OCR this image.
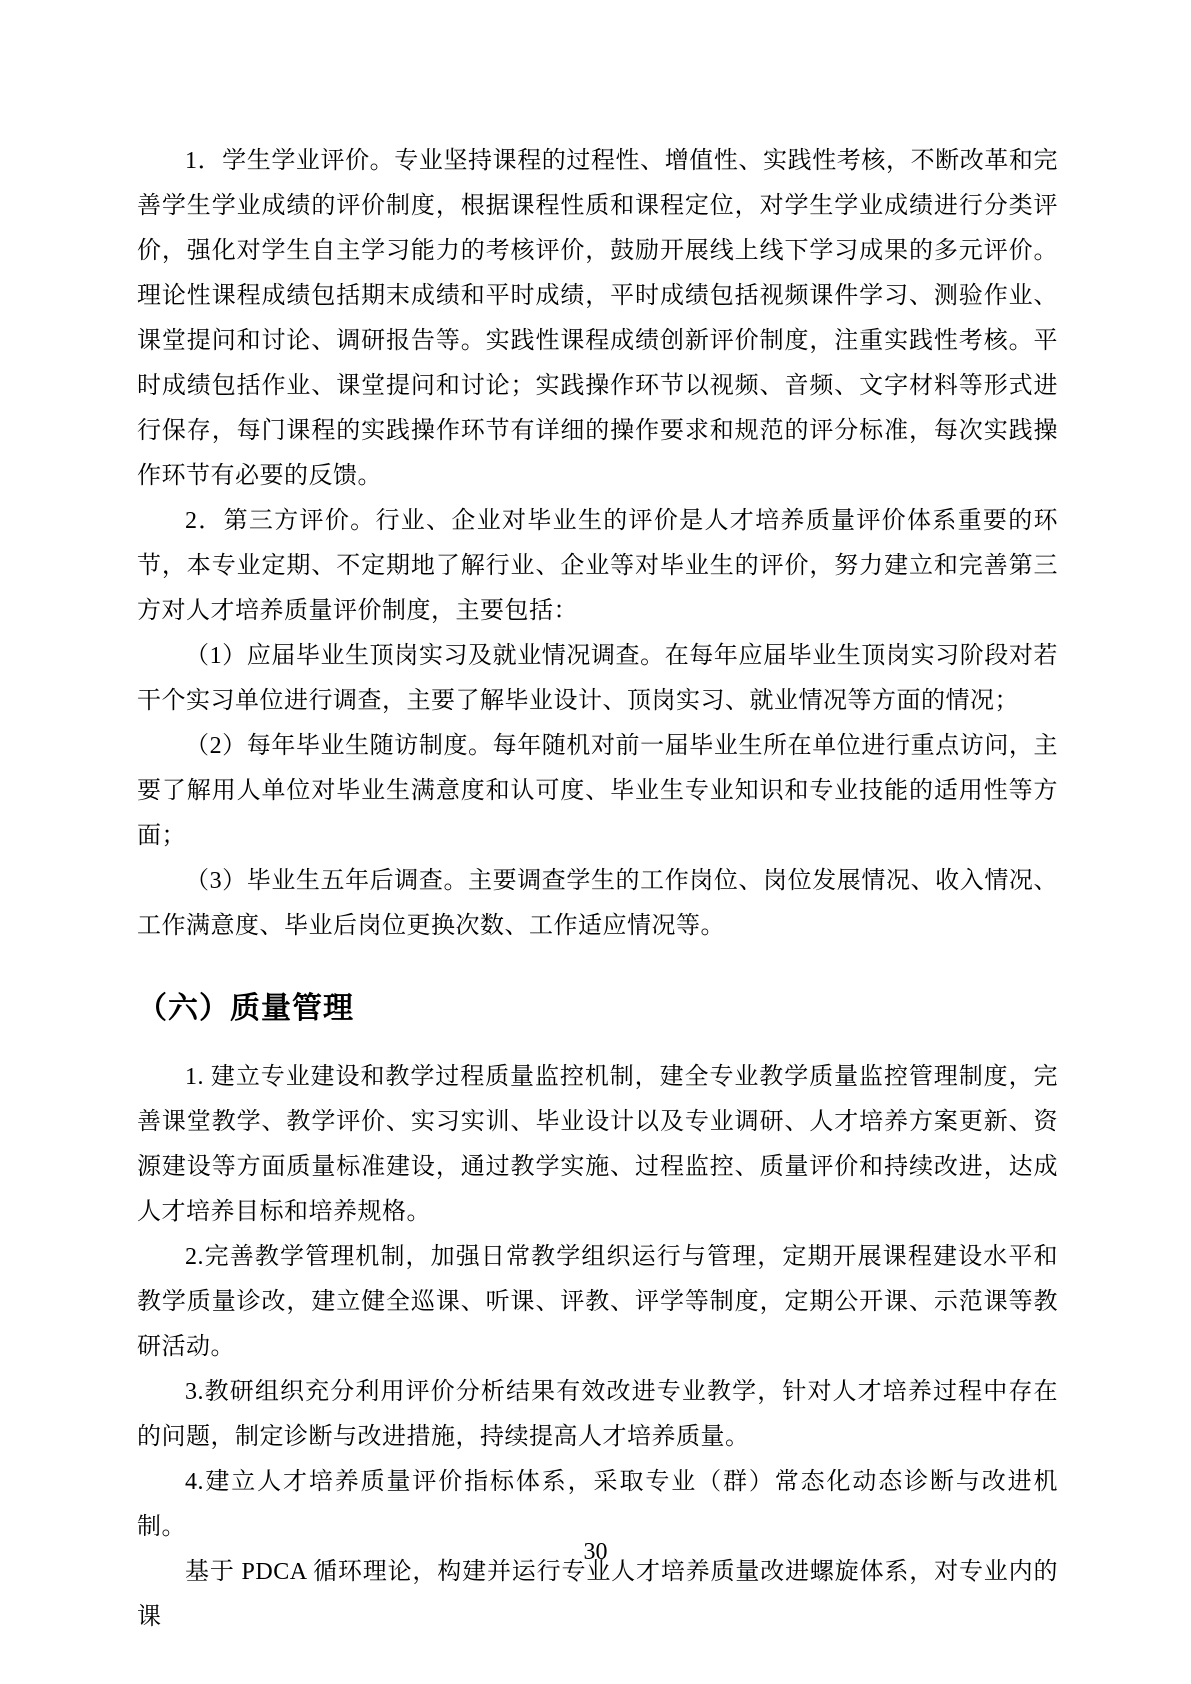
1．学生学业评价。专业坚持课程的过程性、增值性、实践性考核，不断改革和完善学生学业成绩的评价制度，根据课程性质和课程定位，对学生学业成绩进行分类评价，强化对学生自主学习能力的考核评价，鼓励开展线上线下学习成果的多元评价。理论性课程成绩包括期末成绩和平时成绩，平时成绩包括视频课件学习、测验作业、课堂提问和讨论、调研报告等。实践性课程成绩创新评价制度，注重实践性考核。平时成绩包括作业、课堂提问和讨论；实践操作环节以视频、音频、文字材料等形式进行保存，每门课程的实践操作环节有详细的操作要求和规范的评分标准，每次实践操作环节有必要的反馈。

2．第三方评价。行业、企业对毕业生的评价是人才培养质量评价体系重要的环节，本专业定期、不定期地了解行业、企业等对毕业生的评价，努力建立和完善第三方对人才培养质量评价制度，主要包括：

（1）应届毕业生顶岗实习及就业情况调查。在每年应届毕业生顶岗实习阶段对若干个实习单位进行调查，主要了解毕业设计、顶岗实习、就业情况等方面的情况；

（2）每年毕业生随访制度。每年随机对前一届毕业生所在单位进行重点访问，主要了解用人单位对毕业生满意度和认可度、毕业生专业知识和专业技能的适用性等方面；

（3）毕业生五年后调查。主要调查学生的工作岗位、岗位发展情况、收入情况、工作满意度、毕业后岗位更换次数、工作适应情况等。

（六）质量管理

1. 建立专业建设和教学过程质量监控机制，建全专业教学质量监控管理制度，完善课堂教学、教学评价、实习实训、毕业设计以及专业调研、人才培养方案更新、资源建设等方面质量标准建设，通过教学实施、过程监控、质量评价和持续改进，达成人才培养目标和培养规格。

2.完善教学管理机制，加强日常教学组织运行与管理，定期开展课程建设水平和教学质量诊改，建立健全巡课、听课、评教、评学等制度，定期公开课、示范课等教研活动。

3.教研组织充分利用评价分析结果有效改进专业教学，针对人才培养过程中存在的问题，制定诊断与改进措施，持续提高人才培养质量。

4.建立人才培养质量评价指标体系，采取专业（群）常态化动态诊断与改进机制。

基于 PDCA 循环理论，构建并运行专业人才培养质量改进螺旋体系，对专业内的课

30
